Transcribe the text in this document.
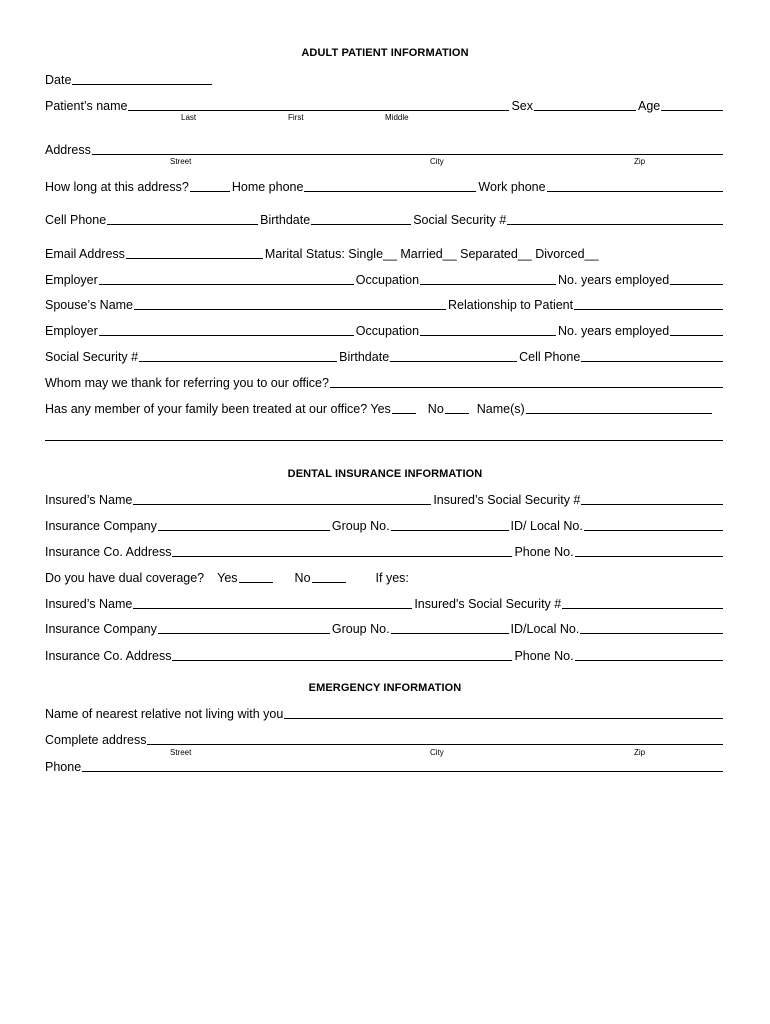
ADULT PATIENT INFORMATION
Date
Patient’s name	Sex	Age
Last	First	Middle
Address
Street	City	Zip
How long at this address?	Home phone	Work phone
Cell Phone	Birthdate	Social Security #
Email Address	Marital Status: Single__ Married__ Separated__ Divorced__
Employer	Occupation	No. years employed
Spouse’s Name	Relationship to Patient
Employer	Occupation	No. years employed
Social Security #	Birthdate	Cell Phone
Whom may we thank for referring you to our office?
Has any member of your family been treated at our office? Yes	No	Name(s)
DENTAL INSURANCE INFORMATION
Insured’s Name	Insured’s Social Security #
Insurance Company	Group No.	ID/ Local No.
Insurance Co. Address	Phone No.
Do you have dual coverage? Yes	No	If yes:
Insured’s Name	Insured's Social Security #
Insurance Company	Group No.	ID/Local No.
Insurance Co. Address	Phone No.
EMERGENCY INFORMATION
Name of nearest relative not living with you
Complete address
Street	City	Zip
Phone
